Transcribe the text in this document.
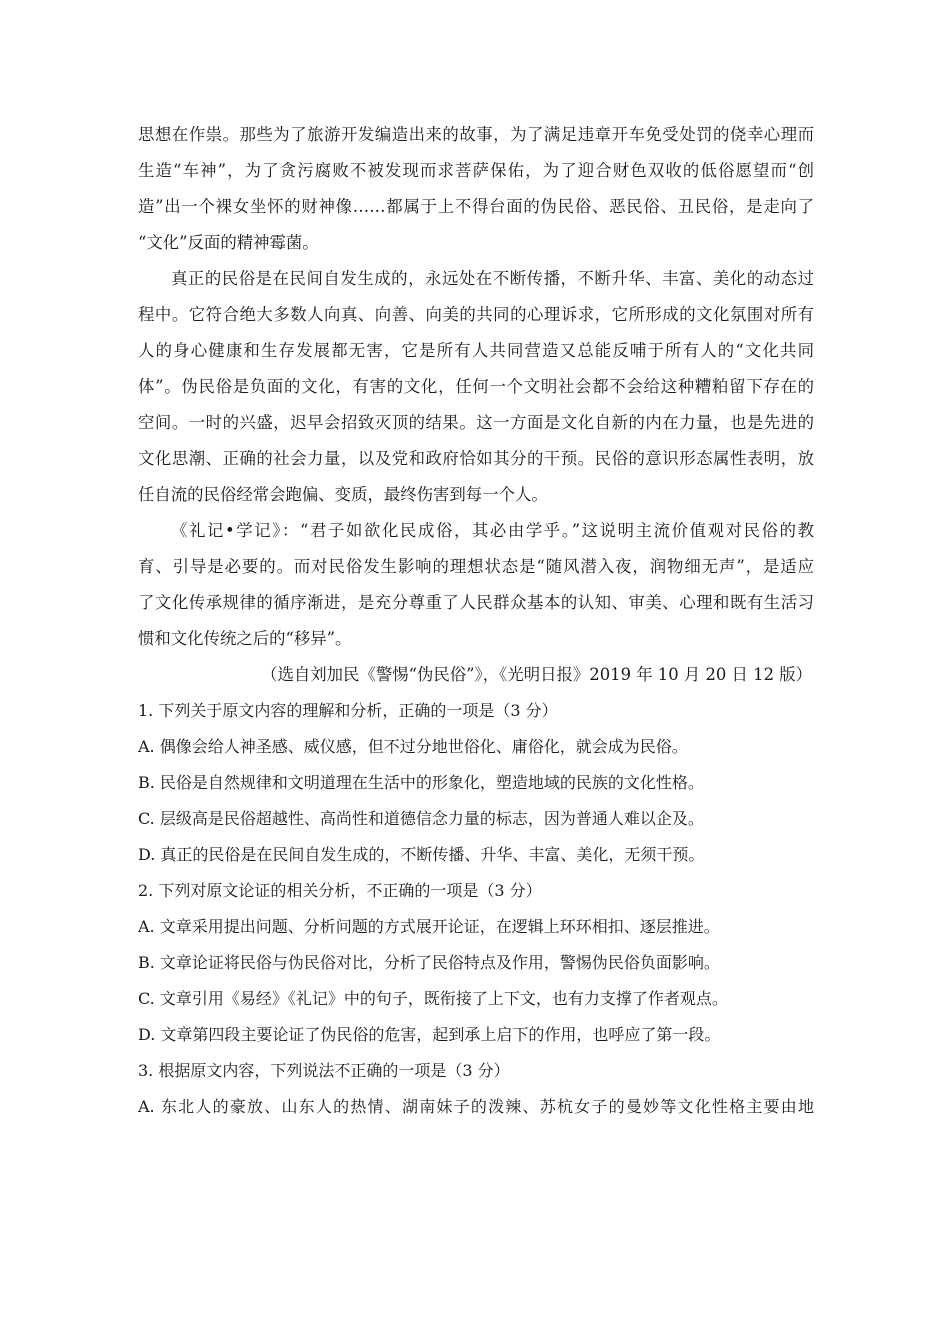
思想在作祟。那些为了旅游开发编造出来的故事，为了满足违章开车免受处罚的侥幸心理而
生造“车神”，为了贪污腐败不被发现而求菩萨保佑，为了迎合财色双收的低俗愿望而“创
造”出一个裸女坐怀的财神像……都属于上不得台面的伪民俗、恶民俗、丑民俗，是走向了
“文化”反面的精神霉菌。
真正的民俗是在民间自发生成的，永远处在不断传播，不断升华、丰富、美化的动态过
程中。它符合绝大多数人向真、向善、向美的共同的心理诉求，它所形成的文化氛围对所有
人的身心健康和生存发展都无害，它是所有人共同营造又总能反哺于所有人的“文化共同
体”。伪民俗是负面的文化，有害的文化，任何一个文明社会都不会给这种糟粕留下存在的
空间。一时的兴盛，迟早会招致灭顶的结果。这一方面是文化自新的内在力量，也是先进的
文化思潮、正确的社会力量，以及党和政府恰如其分的干预。民俗的意识形态属性表明，放
任自流的民俗经常会跑偏、变质，最终伤害到每一个人。
《礼记•学记》：“君子如欲化民成俗，其必由学乎。”这说明主流价值观对民俗的教
育、引导是必要的。而对民俗发生影响的理想状态是“随风潜入夜，润物细无声”，是适应
了文化传承规律的循序渐进，是充分尊重了人民群众基本的认知、审美、心理和既有生活习
惯和文化传统之后的“移异”。
（选自刘加民《警惕“伪民俗”》，《光明日报》2019 年 10 月 20 日 12 版）
1. 下列关于原文内容的理解和分析，正确的一项是（3 分）
A. 偶像会给人神圣感、威仪感，但不过分地世俗化、庸俗化，就会成为民俗。
B. 民俗是自然规律和文明道理在生活中的形象化，塑造地域的民族的文化性格。
C. 层级高是民俗超越性、高尚性和道德信念力量的标志，因为普通人难以企及。
D. 真正的民俗是在民间自发生成的，不断传播、升华、丰富、美化，无须干预。
2. 下列对原文论证的相关分析，不正确的一项是（3 分）
A. 文章采用提出问题、分析问题的方式展开论证，在逻辑上环环相扣、逐层推进。
B. 文章论证将民俗与伪民俗对比，分析了民俗特点及作用，警惕伪民俗负面影响。
C. 文章引用《易经》《礼记》中的句子，既衔接了上下文，也有力支撑了作者观点。
D. 文章第四段主要论证了伪民俗的危害，起到承上启下的作用，也呼应了第一段。
3. 根据原文内容，下列说法不正确的一项是（3 分）
A. 东北人的豪放、山东人的热情、湖南妹子的泼辣、苏杭女子的曼妙等文化性格主要由地
